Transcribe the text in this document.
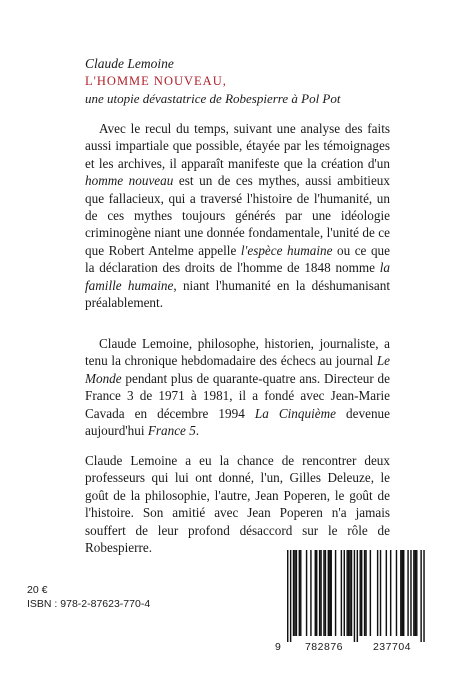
Claude Lemoine
L'HOMME NOUVEAU,
une utopie dévastatrice de Robespierre à Pol Pot

Avec le recul du temps, suivant une analyse des faits aussi impartiale que possible, étayée par les témoignages et les archives, il apparaît manifeste que la création d'un homme nouveau est un de ces mythes, aussi ambitieux que fallacieux, qui a traversé l'histoire de l'humanité, un de ces mythes toujours générés par une idéologie criminogène niant une donnée fondamentale, l'unité de ce que Robert Antelme appelle l'espèce humaine ou ce que la déclaration des droits de l'homme de 1848 nomme la famille humaine, niant l'humanité en la déshumanisant préalablement.

Claude Lemoine, philosophe, historien, journaliste, a tenu la chronique hebdomadaire des échecs au journal Le Monde pendant plus de quarante-quatre ans. Directeur de France 3 de 1971 à 1981, il a fondé avec Jean-Marie Cavada en décembre 1994 La Cinquième devenue aujourd'hui France 5.

Claude Lemoine a eu la chance de rencontrer deux professeurs qui lui ont donné, l'un, Gilles Deleuze, le goût de la philosophie, l'autre, Jean Poperen, le goût de l'histoire. Son amitié avec Jean Poperen n'a jamais souffert de leur profond désaccord sur le rôle de Robespierre.

20 €
ISBN : 978-2-87623-770-4
9	782876	237704
